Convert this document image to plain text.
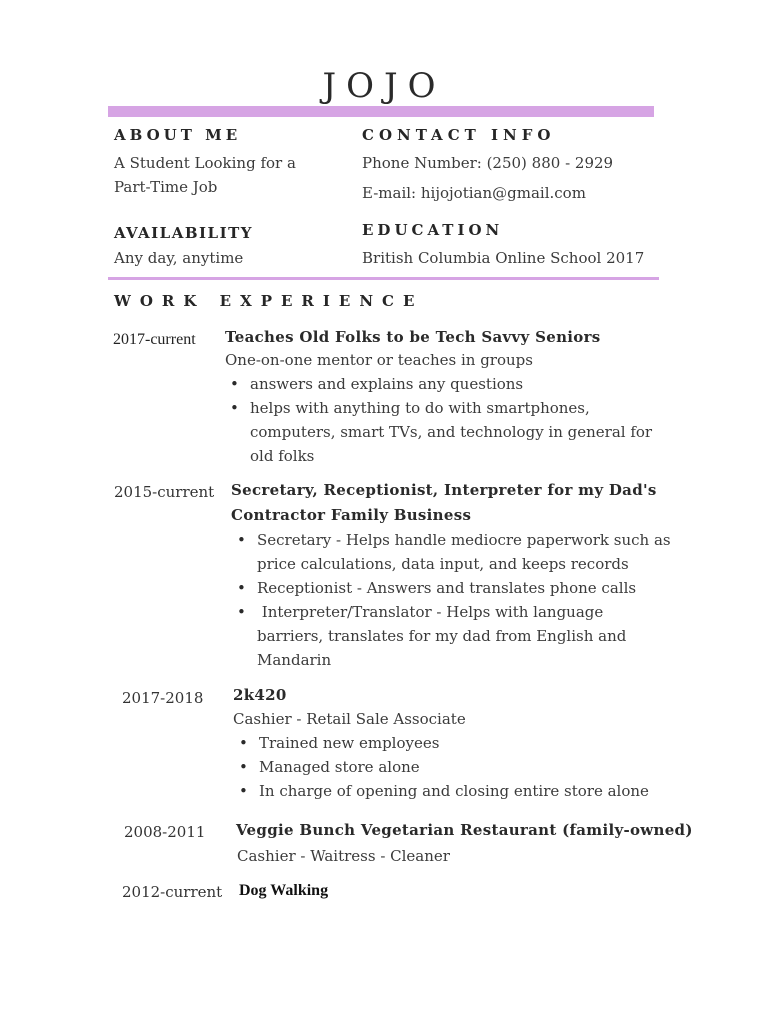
JOJO
ABOUT ME
A Student Looking for a
Part-Time Job
CONTACT INFO
Phone Number: (250) 880 - 2929
E-mail: hijojotian@gmail.com
AVAILABILITY
Any day, anytime
EDUCATION
British Columbia Online School 2017
WORK EXPERIENCE
2017-current Teaches Old Folks to be Tech Savvy Seniors
One-on-one mentor or teaches in groups
• answers and explains any questions
• helps with anything to do with smartphones,
computers, smart TVs, and technology in general for
old folks
2015-current Secretary, Receptionist, Interpreter for my Dad's
Contractor Family Business
• Secretary - Helps handle mediocre paperwork such as
price calculations, data input, and keeps records
• Receptionist - Answers and translates phone calls
• Interpreter/Translator - Helps with language
barriers, translates for my dad from English and
Mandarin
2017-2018 2k420
Cashier - Retail Sale Associate
• Trained new employees
• Managed store alone
• In charge of opening and closing entire store alone
2008-2011 Veggie Bunch Vegetarian Restaurant (family-owned)
Cashier - Waitress - Cleaner
2012-current Dog Walking
